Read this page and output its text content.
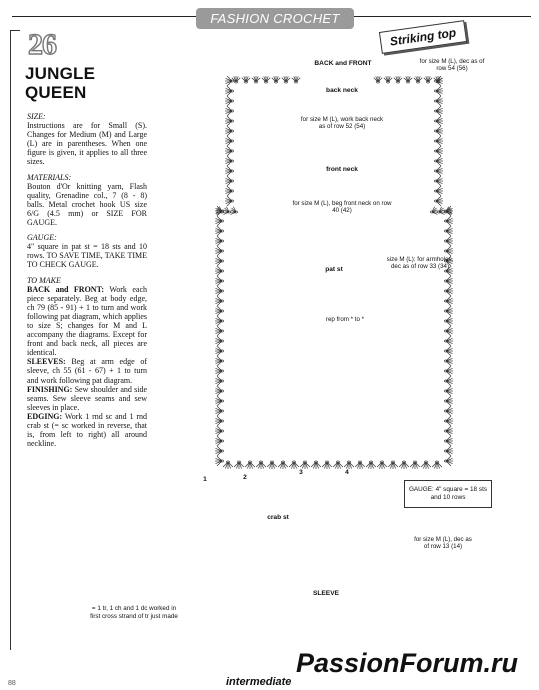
FASHION CROCHET
Striking top
26
JUNGLE
QUEEN
SIZE:

Instructions are for Small (S). Changes for Medium (M) and Large (L) are in parentheses. When one figure is given, it applies to all three sizes.

MATERIALS:

Bouton d'Or knitting yarn, Flash quality, Grenadine col., 7 (8 - 8) balls. Metal crochet hook US size 6/G (4.5 mm) or SIZE FOR GAUGE.

GAUGE:

4" square in pat st = 18 sts and 10 rows. TO SAVE TIME, TAKE TIME TO CHECK GAUGE.

TO MAKE

BACK and FRONT: Work each piece separately. Beg at body edge, ch 79 (85 - 91) + 1 to turn and work following pat diagram, which applies to size S; changes for M and L accompany the diagrams. Except for front and back neck, all pieces are identical.

SLEEVES: Beg at arm edge of sleeve, ch 55 (61 - 67) + 1 to turn and work following pat diagram.

FINISHING: Sew shoulder and side seams. Sew sleeve seams and sew sleeves in place.

EDGING: Work 1 rnd sc and 1 rnd crab st (= sc worked in reverse, that is, from left to right) all around neckline.

BACK and FRONT
back neck
for size M (L), work back neck as of row 52 (54)
front neck
for size M (L), beg front neck on row 40 (42)
for size M (L), dec as of row 54 (56)
pat st
rep from * to *
size M (L): for armholes, dec as of row 33 (34)
crab st
1	2
3	4
GAUGE: 4" square = 18 sts and 10 rows
SLEEVE
for size M (L), dec as of row 13 (14)
= 1 tr, 1 ch and 1 dc worked in first cross strand of tr just made
intermediate
88
PassionForum.ru
